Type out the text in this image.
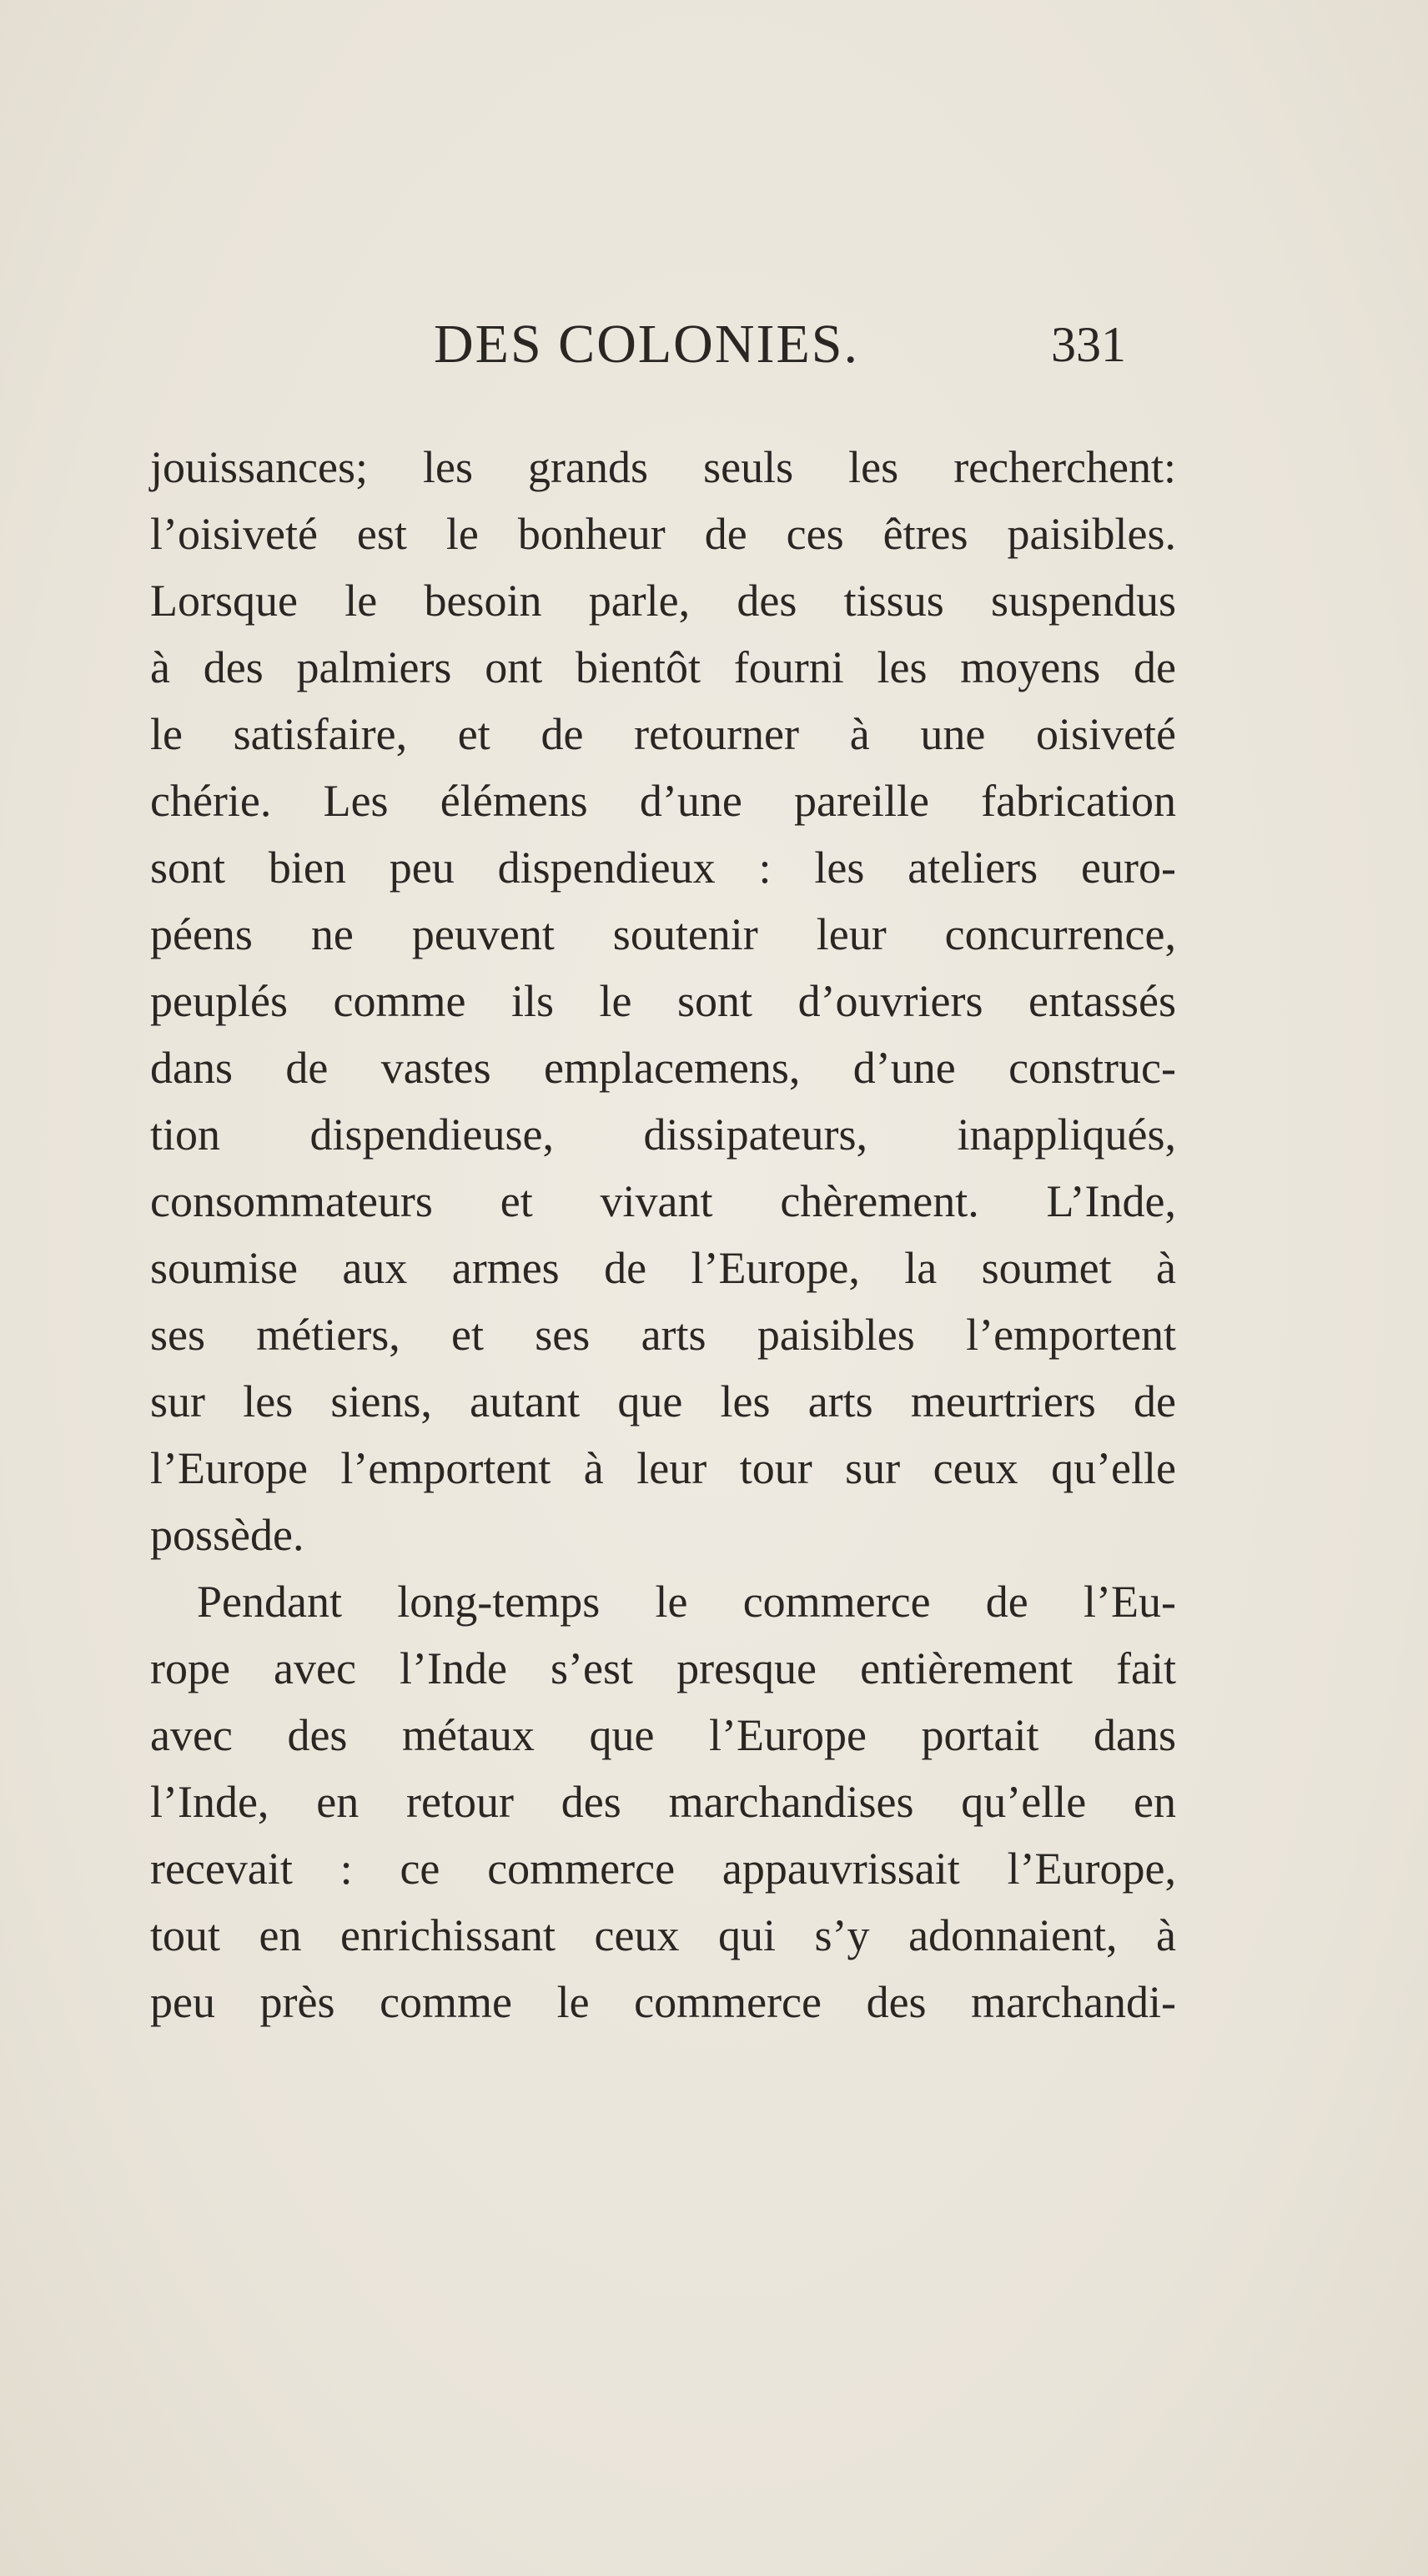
DES COLONIES.	331
jouissances; les grands seuls les recherchent:
l’oisiveté est le bonheur de ces êtres paisibles.
Lorsque le besoin parle, des tissus suspendus
à des palmiers ont bientôt fourni les moyens de
le satisfaire, et de retourner à une oisiveté
chérie. Les élémens d’une pareille fabrication
sont bien peu dispendieux : les ateliers euro-
péens ne peuvent soutenir leur concurrence,
peuplés comme ils le sont d’ouvriers entassés
dans de vastes emplacemens, d’une construc-
tion dispendieuse, dissipateurs, inappliqués,
consommateurs et vivant chèrement. L’Inde,
soumise aux armes de l’Europe, la soumet à
ses métiers, et ses arts paisibles l’emportent
sur les siens, autant que les arts meurtriers de
l’Europe l’emportent à leur tour sur ceux qu’elle
possède.
Pendant long-temps le commerce de l’Eu-
rope avec l’Inde s’est presque entièrement fait
avec des métaux que l’Europe portait dans
l’Inde, en retour des marchandises qu’elle en
recevait : ce commerce appauvrissait l’Europe,
tout en enrichissant ceux qui s’y adonnaient, à
peu près comme le commerce des marchandi-
